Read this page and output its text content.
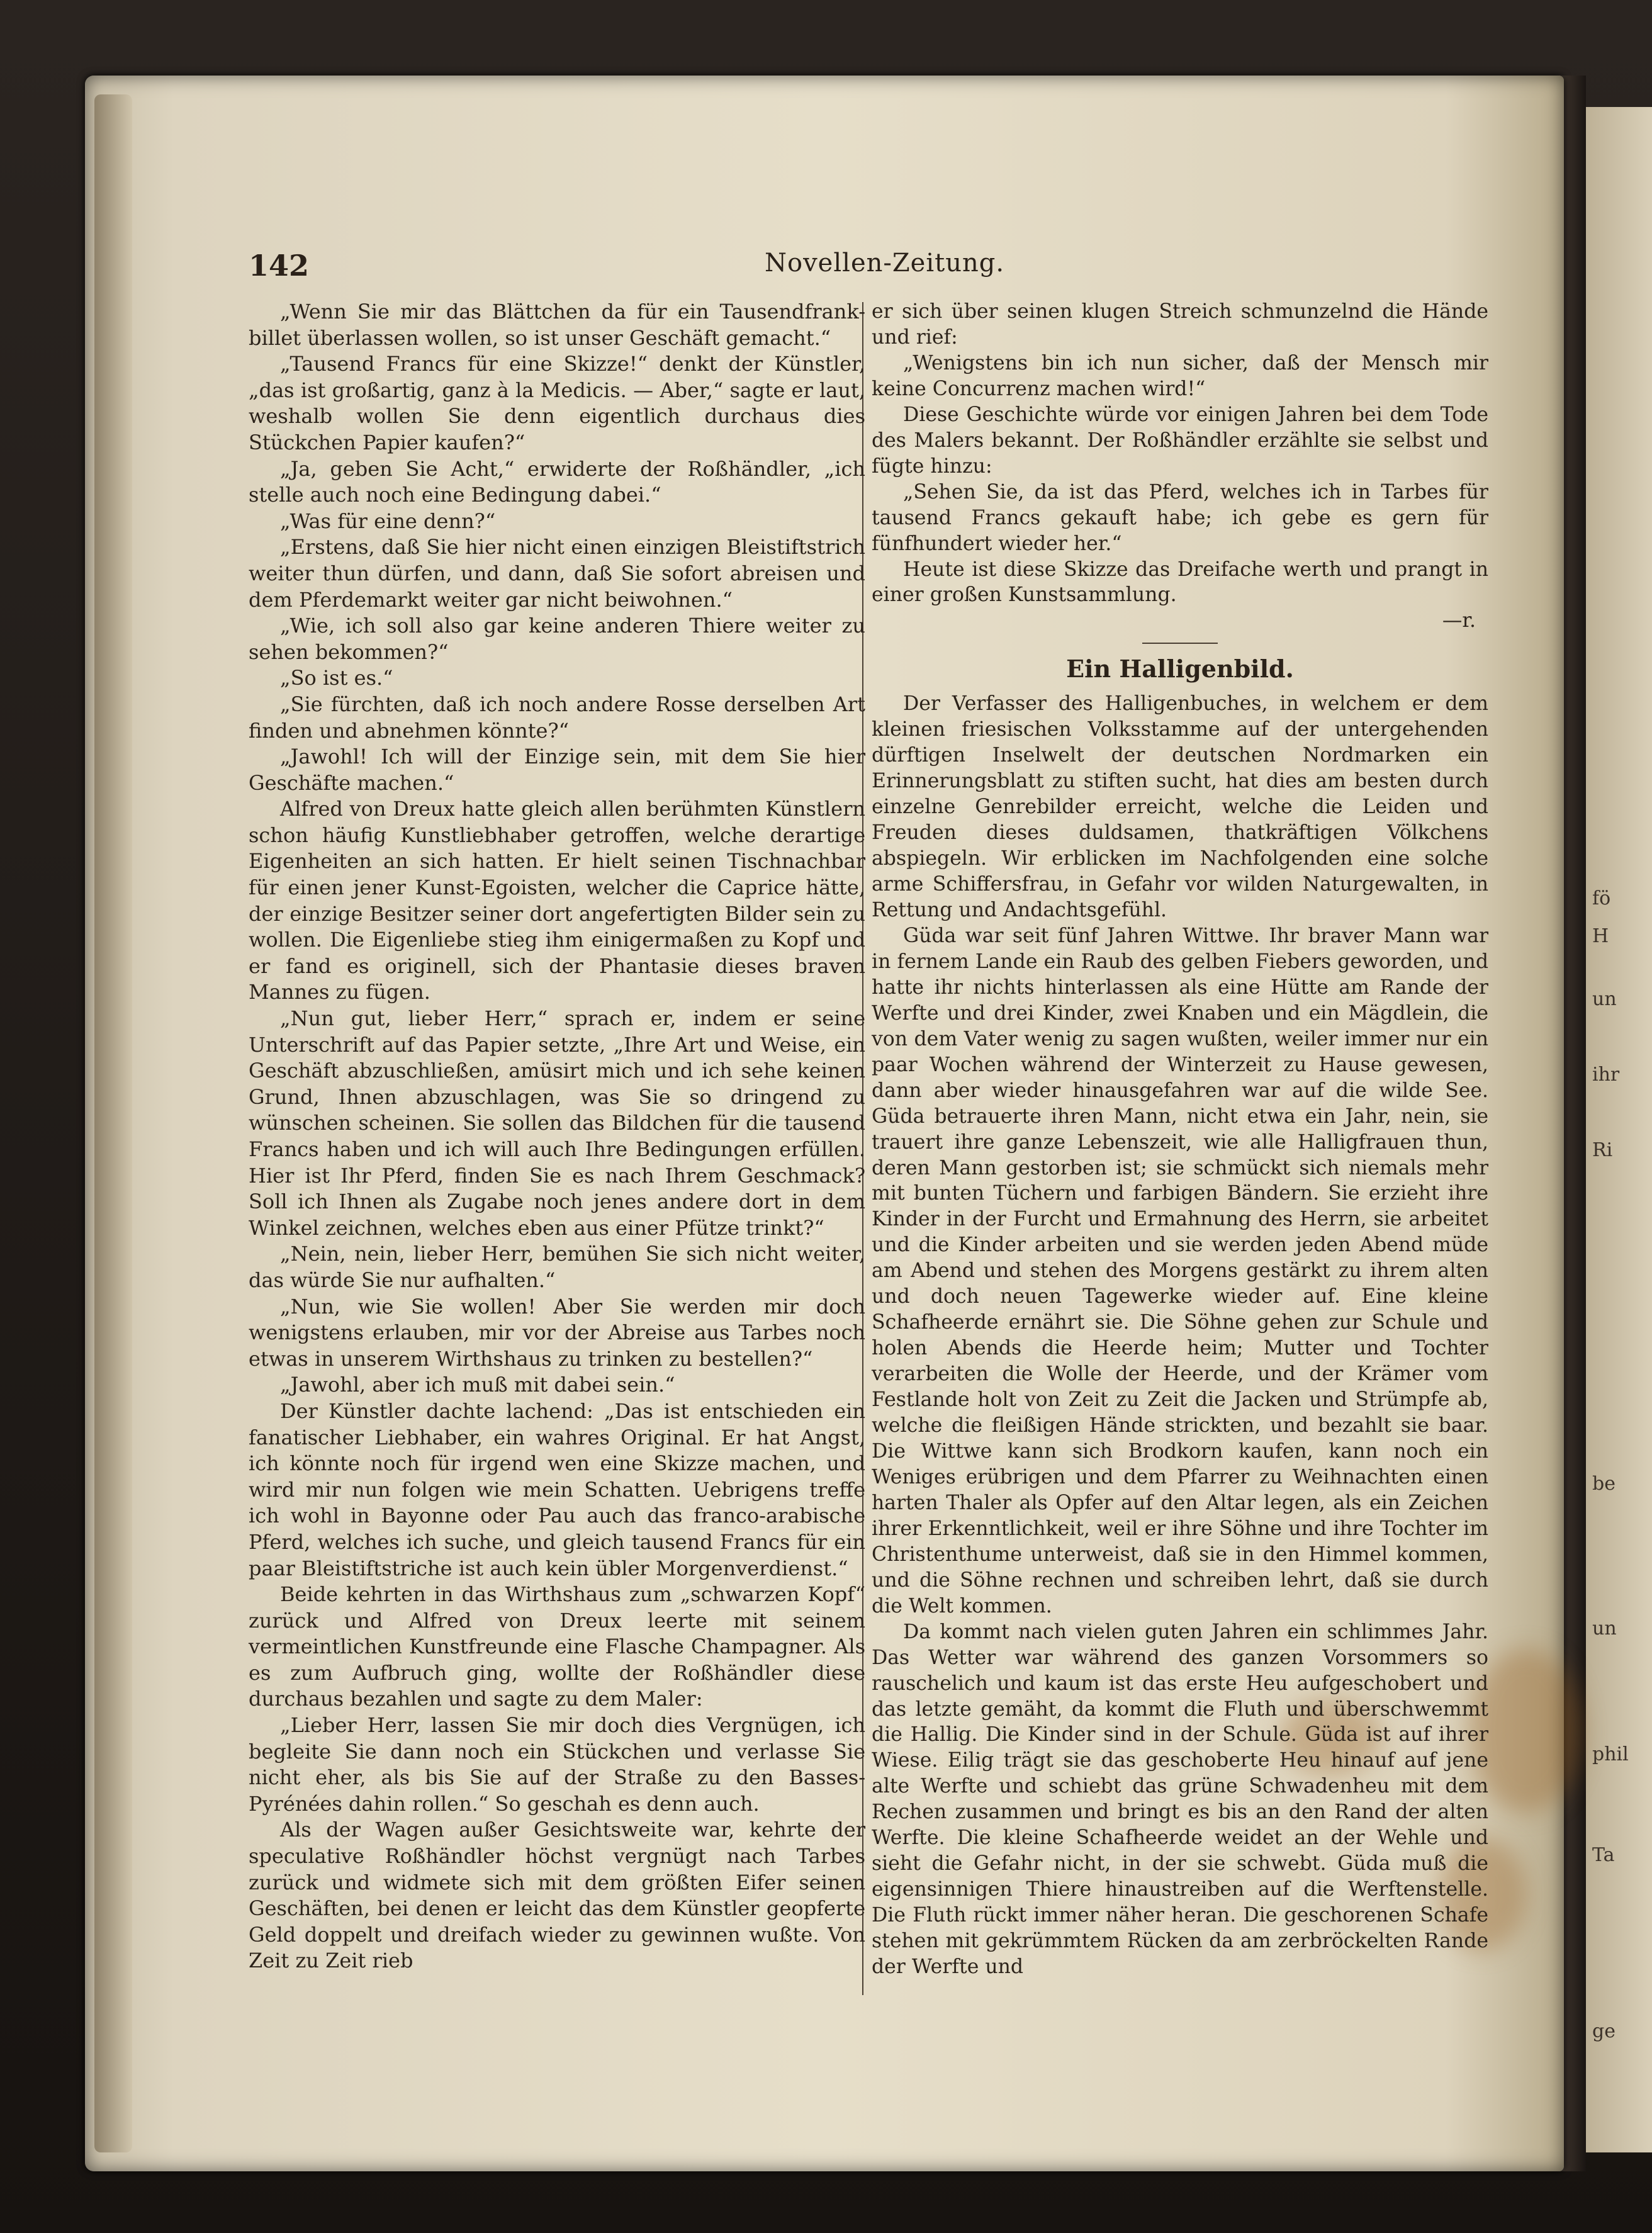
fö
H
un
ihr
Ri
be
un
phil
Ta
ge
142	Novellen-Zeitung.

„Wenn Sie mir das Blättchen da für ein Tausendfrank-billet überlassen wollen, so ist unser Geschäft gemacht.“

„Tausend Francs für eine Skizze!“ denkt der Künstler, „das ist großartig, ganz à la Medicis. — Aber,“ sagte er laut, weshalb wollen Sie denn eigentlich durchaus dies Stückchen Papier kaufen?“

„Ja, geben Sie Acht,“ erwiderte der Roßhändler, „ich stelle auch noch eine Bedingung dabei.“

„Was für eine denn?“

„Erstens, daß Sie hier nicht einen einzigen Bleistiftstrich weiter thun dürfen, und dann, daß Sie sofort abreisen und dem Pferdemarkt weiter gar nicht beiwohnen.“

„Wie, ich soll also gar keine anderen Thiere weiter zu sehen bekommen?“

„So ist es.“

„Sie fürchten, daß ich noch andere Rosse derselben Art finden und abnehmen könnte?“

„Jawohl! Ich will der Einzige sein, mit dem Sie hier Geschäfte machen.“

Alfred von Dreux hatte gleich allen berühmten Künstlern schon häufig Kunstliebhaber getroffen, welche derartige Eigenheiten an sich hatten. Er hielt seinen Tischnachbar für einen jener Kunst-Egoisten, welcher die Caprice hätte, der einzige Besitzer seiner dort angefertigten Bilder sein zu wollen. Die Eigenliebe stieg ihm einigermaßen zu Kopf und er fand es originell, sich der Phantasie dieses braven Mannes zu fügen.

„Nun gut, lieber Herr,“ sprach er, indem er seine Unterschrift auf das Papier setzte, „Ihre Art und Weise, ein Geschäft abzuschließen, amüsirt mich und ich sehe keinen Grund, Ihnen abzuschlagen, was Sie so dringend zu wünschen scheinen. Sie sollen das Bildchen für die tausend Francs haben und ich will auch Ihre Bedingungen erfüllen. Hier ist Ihr Pferd, finden Sie es nach Ihrem Geschmack? Soll ich Ihnen als Zugabe noch jenes andere dort in dem Winkel zeichnen, welches eben aus einer Pfütze trinkt?“

„Nein, nein, lieber Herr, bemühen Sie sich nicht weiter, das würde Sie nur aufhalten.“

„Nun, wie Sie wollen! Aber Sie werden mir doch wenigstens erlauben, mir vor der Abreise aus Tarbes noch etwas in unserem Wirthshaus zu trinken zu bestellen?“

„Jawohl, aber ich muß mit dabei sein.“

Der Künstler dachte lachend: „Das ist entschieden ein fanatischer Liebhaber, ein wahres Original. Er hat Angst, ich könnte noch für irgend wen eine Skizze machen, und wird mir nun folgen wie mein Schatten. Uebrigens treffe ich wohl in Bayonne oder Pau auch das franco-arabische Pferd, welches ich suche, und gleich tausend Francs für ein paar Bleistiftstriche ist auch kein übler Morgenverdienst.“

Beide kehrten in das Wirthshaus zum „schwarzen Kopf“ zurück und Alfred von Dreux leerte mit seinem vermeintlichen Kunstfreunde eine Flasche Champagner. Als es zum Aufbruch ging, wollte der Roßhändler diese durchaus bezahlen und sagte zu dem Maler:

„Lieber Herr, lassen Sie mir doch dies Vergnügen, ich begleite Sie dann noch ein Stückchen und verlasse Sie nicht eher, als bis Sie auf der Straße zu den Basses-Pyrénées dahin rollen.“ So geschah es denn auch.

Als der Wagen außer Gesichtsweite war, kehrte der speculative Roßhändler höchst vergnügt nach Tarbes zurück und widmete sich mit dem größten Eifer seinen Geschäften, bei denen er leicht das dem Künstler geopferte Geld doppelt und dreifach wieder zu gewinnen wußte. Von Zeit zu Zeit rieb

er sich über seinen klugen Streich schmunzelnd die Hände und rief:

„Wenigstens bin ich nun sicher, daß der Mensch mir keine Concurrenz machen wird!“

Diese Geschichte würde vor einigen Jahren bei dem Tode des Malers bekannt. Der Roßhändler erzählte sie selbst und fügte hinzu:

„Sehen Sie, da ist das Pferd, welches ich in Tarbes für tausend Francs gekauft habe; ich gebe es gern für fünfhundert wieder her.“

Heute ist diese Skizze das Dreifache werth und prangt in einer großen Kunstsammlung.

—r.

Ein Halligenbild.

Der Verfasser des Halligenbuches, in welchem er dem kleinen friesischen Volksstamme auf der untergehenden dürftigen Inselwelt der deutschen Nordmarken ein Erinnerungsblatt zu stiften sucht, hat dies am besten durch einzelne Genrebilder erreicht, welche die Leiden und Freuden dieses duldsamen, thatkräftigen Völkchens abspiegeln. Wir erblicken im Nachfolgenden eine solche arme Schiffersfrau, in Gefahr vor wilden Naturgewalten, in Rettung und Andachtsgefühl.

Güda war seit fünf Jahren Wittwe. Ihr braver Mann war in fernem Lande ein Raub des gelben Fiebers geworden, und hatte ihr nichts hinterlassen als eine Hütte am Rande der Werfte und drei Kinder, zwei Knaben und ein Mägdlein, die von dem Vater wenig zu sagen wußten, weiler immer nur ein paar Wochen während der Winterzeit zu Hause gewesen, dann aber wieder hinausgefahren war auf die wilde See. Güda betrauerte ihren Mann, nicht etwa ein Jahr, nein, sie trauert ihre ganze Lebenszeit, wie alle Halligfrauen thun, deren Mann gestorben ist; sie schmückt sich niemals mehr mit bunten Tüchern und farbigen Bändern. Sie erzieht ihre Kinder in der Furcht und Ermahnung des Herrn, sie arbeitet und die Kinder arbeiten und sie werden jeden Abend müde am Abend und stehen des Morgens gestärkt zu ihrem alten und doch neuen Tagewerke wieder auf. Eine kleine Schafheerde ernährt sie. Die Söhne gehen zur Schule und holen Abends die Heerde heim; Mutter und Tochter verarbeiten die Wolle der Heerde, und der Krämer vom Festlande holt von Zeit zu Zeit die Jacken und Strümpfe ab, welche die fleißigen Hände strickten, und bezahlt sie baar. Die Wittwe kann sich Brodkorn kaufen, kann noch ein Weniges erübrigen und dem Pfarrer zu Weihnachten einen harten Thaler als Opfer auf den Altar legen, als ein Zeichen ihrer Erkenntlichkeit, weil er ihre Söhne und ihre Tochter im Christenthume unterweist, daß sie in den Himmel kommen, und die Söhne rechnen und schreiben lehrt, daß sie durch die Welt kommen.

Da kommt nach vielen guten Jahren ein schlimmes Jahr. Das Wetter war während des ganzen Vorsommers so rauschelich und kaum ist das erste Heu aufgeschobert und das letzte gemäht, da kommt die Fluth und überschwemmt die Hallig. Die Kinder sind in der Schule. Güda ist auf ihrer Wiese. Eilig trägt sie das geschoberte Heu hinauf auf jene alte Werfte und schiebt das grüne Schwadenheu mit dem Rechen zusammen und bringt es bis an den Rand der alten Werfte. Die kleine Schafheerde weidet an der Wehle und sieht die Gefahr nicht, in der sie schwebt. Güda muß die eigensinnigen Thiere hinaustreiben auf die Werftenstelle. Die Fluth rückt immer näher heran. Die geschorenen Schafe stehen mit gekrümmtem Rücken da am zerbröckelten Rande der Werfte und
